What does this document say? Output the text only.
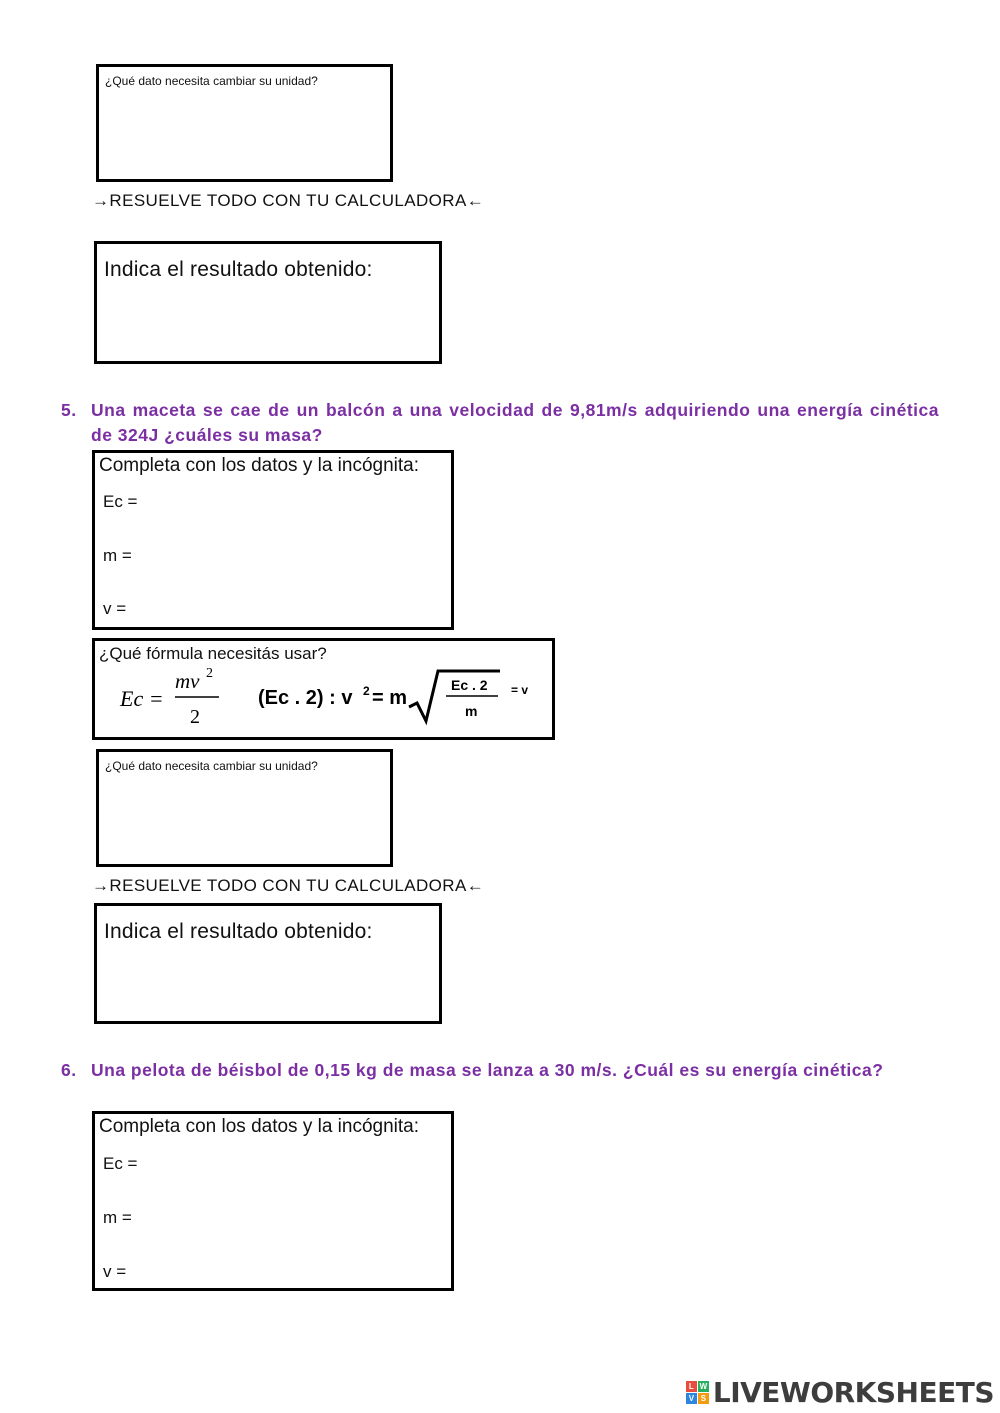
¿Qué dato necesita cambiar su unidad?
→RESUELVE TODO CON TU CALCULADORA←
Indica el resultado obtenido:
5. Una maceta se cae de un balcón a una velocidad de 9,81m/s adquiriendo una energía cinética de 324J ¿cuáles su masa?
Completa con los datos y la incógnita:
Ec =
m =
v =
¿Qué fórmula necesitás usar?
Ec =
mv 2
2
(Ec . 2) : v 2 = m
Ec . 2
m
= v
¿Qué dato necesita cambiar su unidad?
→RESUELVE TODO CON TU CALCULADORA←
Indica el resultado obtenido:
6. Una pelota de béisbol de 0,15 kg de masa se lanza a 30 m/s. ¿Cuál es su energía cinética?
Completa con los datos y la incógnita:
Ec =
m =
v =
L W
V S LIVEWORKSHEETS
